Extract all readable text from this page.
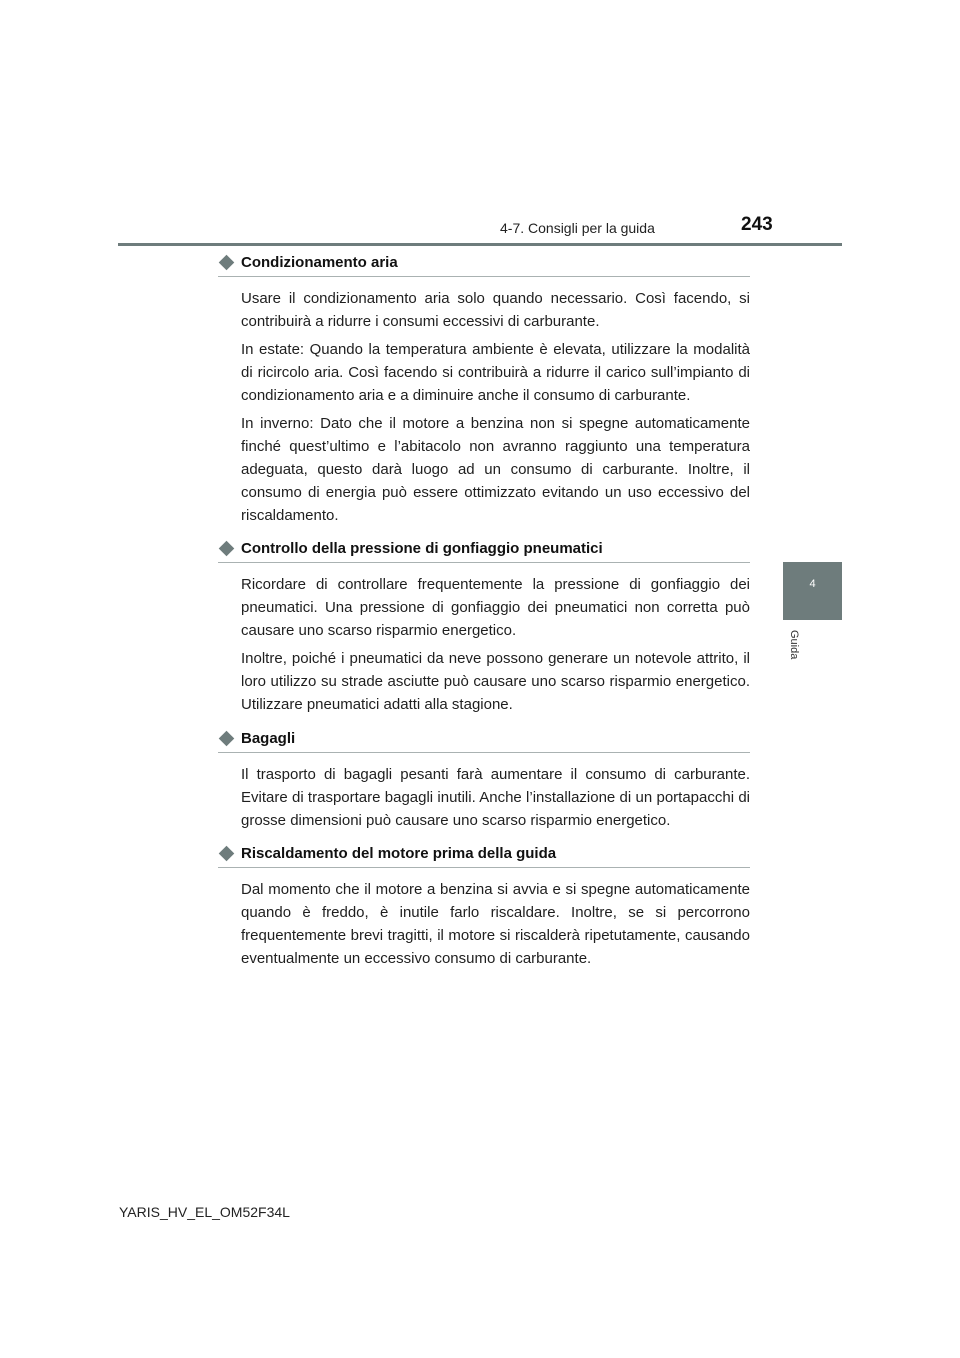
4-7. Consigli per la guida	243
4
Guida
Condizionamento aria

Usare il condizionamento aria solo quando necessario. Così facendo, si contribuirà a ridurre i consumi eccessivi di carburante.

In estate: Quando la temperatura ambiente è elevata, utilizzare la modalità di ricircolo aria. Così facendo si contribuirà a ridurre il carico sull’impianto di condizionamento aria e a diminuire anche il consumo di carburante.

In inverno: Dato che il motore a benzina non si spegne automaticamente finché quest’ultimo e l’abitacolo non avranno raggiunto una temperatura adeguata, questo darà luogo ad un consumo di carburante. Inoltre, il consumo di energia può essere ottimizzato evitando un uso eccessivo del riscaldamento.

Controllo della pressione di gonfiaggio pneumatici

Ricordare di controllare frequentemente la pressione di gonfiaggio dei pneumatici. Una pressione di gonfiaggio dei pneumatici non corretta può causare uno scarso risparmio energetico.

Inoltre, poiché i pneumatici da neve possono generare un notevole attrito, il loro utilizzo su strade asciutte può causare uno scarso risparmio energetico. Utilizzare pneumatici adatti alla stagione.

Bagagli

Il trasporto di bagagli pesanti farà aumentare il consumo di carburante. Evitare di trasportare bagagli inutili. Anche l’installazione di un portapacchi di grosse dimensioni può causare uno scarso risparmio energetico.

Riscaldamento del motore prima della guida

Dal momento che il motore a benzina si avvia e si spegne automaticamente quando è freddo, è inutile farlo riscaldare. Inoltre, se si percorrono frequentemente brevi tragitti, il motore si riscalderà ripetutamente, causando eventualmente un eccessivo consumo di carburante.

YARIS_HV_EL_OM52F34L
